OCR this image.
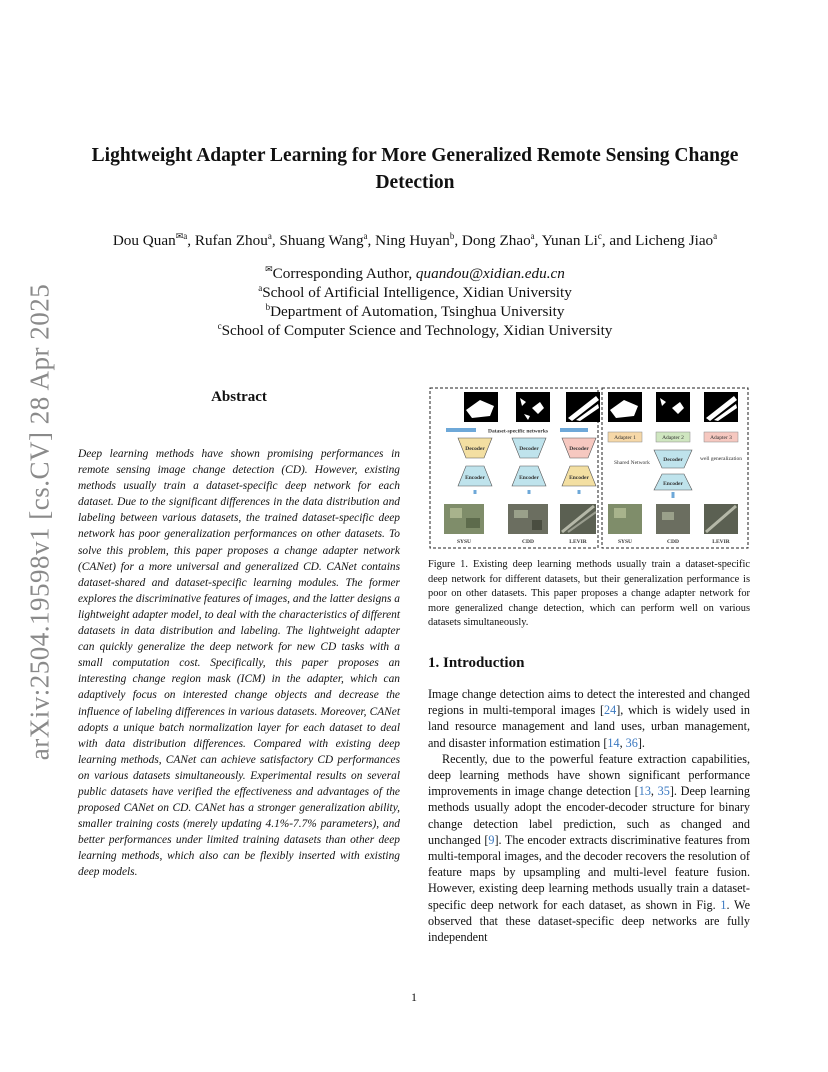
arXiv:2504.19598v1 [cs.CV] 28 Apr 2025
Lightweight Adapter Learning for More Generalized Remote Sensing Change Detection
Dou Quan$^{✉a}$, Rufan Zhou$^a$, Shuang Wang$^a$, Ning Huyan$^b$, Dong Zhao$^a$, Yunan Li$^c$, and Licheng Jiao$^a$
✉Corresponding Author, quandou@xidian.edu.cn
$^a$School of Artificial Intelligence, Xidian University
$^b$Department of Automation, Tsinghua University
$^c$School of Computer Science and Technology, Xidian University
Abstract
Deep learning methods have shown promising performances in remote sensing image change detection (CD). However, existing methods usually train a dataset-specific deep network for each dataset. Due to the significant differences in the data distribution and labeling between various datasets, the trained dataset-specific deep network has poor generalization performances on other datasets. To solve this problem, this paper proposes a change adapter network (CANet) for a more universal and generalized CD. CANet contains dataset-shared and dataset-specific learning modules. The former explores the discriminative features of images, and the latter designs a lightweight adapter model, to deal with the characteristics of different datasets in data distribution and labeling. The lightweight adapter can quickly generalize the deep network for new CD tasks with a small computation cost. Specifically, this paper proposes an interesting change region mask (ICM) in the adapter, which can adaptively focus on interested change objects and decrease the influence of labeling differences in various datasets. Moreover, CANet adopts a unique batch normalization layer for each dataset to deal with data distribution differences. Compared with existing deep learning methods, CANet can achieve satisfactory CD performances on various datasets simultaneously. Experimental results on several public datasets have verified the effectiveness and advantages of the proposed CANet on CD. CANet has a stronger generalization ability, smaller training costs (merely updating 4.1%-7.7% parameters), and better performances under limited training datasets than other deep learning methods, which also can be flexibly inserted with existing deep models.
Dataset-specific networks
Decoder
Encoder
Decoder
Encoder
Decoder
Encoder
SYSU	CDD	LEVIR
Adapter 1	Adapter 2	Adapter 3
Shared Network Decoder	well generalization
Encoder
SYSU	CDD	LEVIR
Figure 1. Existing deep learning methods usually train a dataset-specific deep network for different datasets, but their generalization performance is poor on other datasets. This paper proposes a change adapter network for more generalized change detection, which can perform well on various datasets simultaneously.
1. Introduction

Image change detection aims to detect the interested and changed regions in multi-temporal images [24], which is widely used in land resource management and land uses, urban management, and disaster information estimation [14, 36].

Recently, due to the powerful feature extraction capabilities, deep learning methods have shown significant performance improvements in image change detection [13, 35]. Deep learning methods usually adopt the encoder-decoder structure for binary change detection label prediction, such as changed and unchanged [9]. The encoder extracts discriminative features from multi-temporal images, and the decoder recovers the resolution of feature maps by upsampling and multi-level feature fusion. However, existing deep learning methods usually train a dataset-specific deep network for each dataset, as shown in Fig. 1. We observed that these dataset-specific deep networks are fully independent

1
